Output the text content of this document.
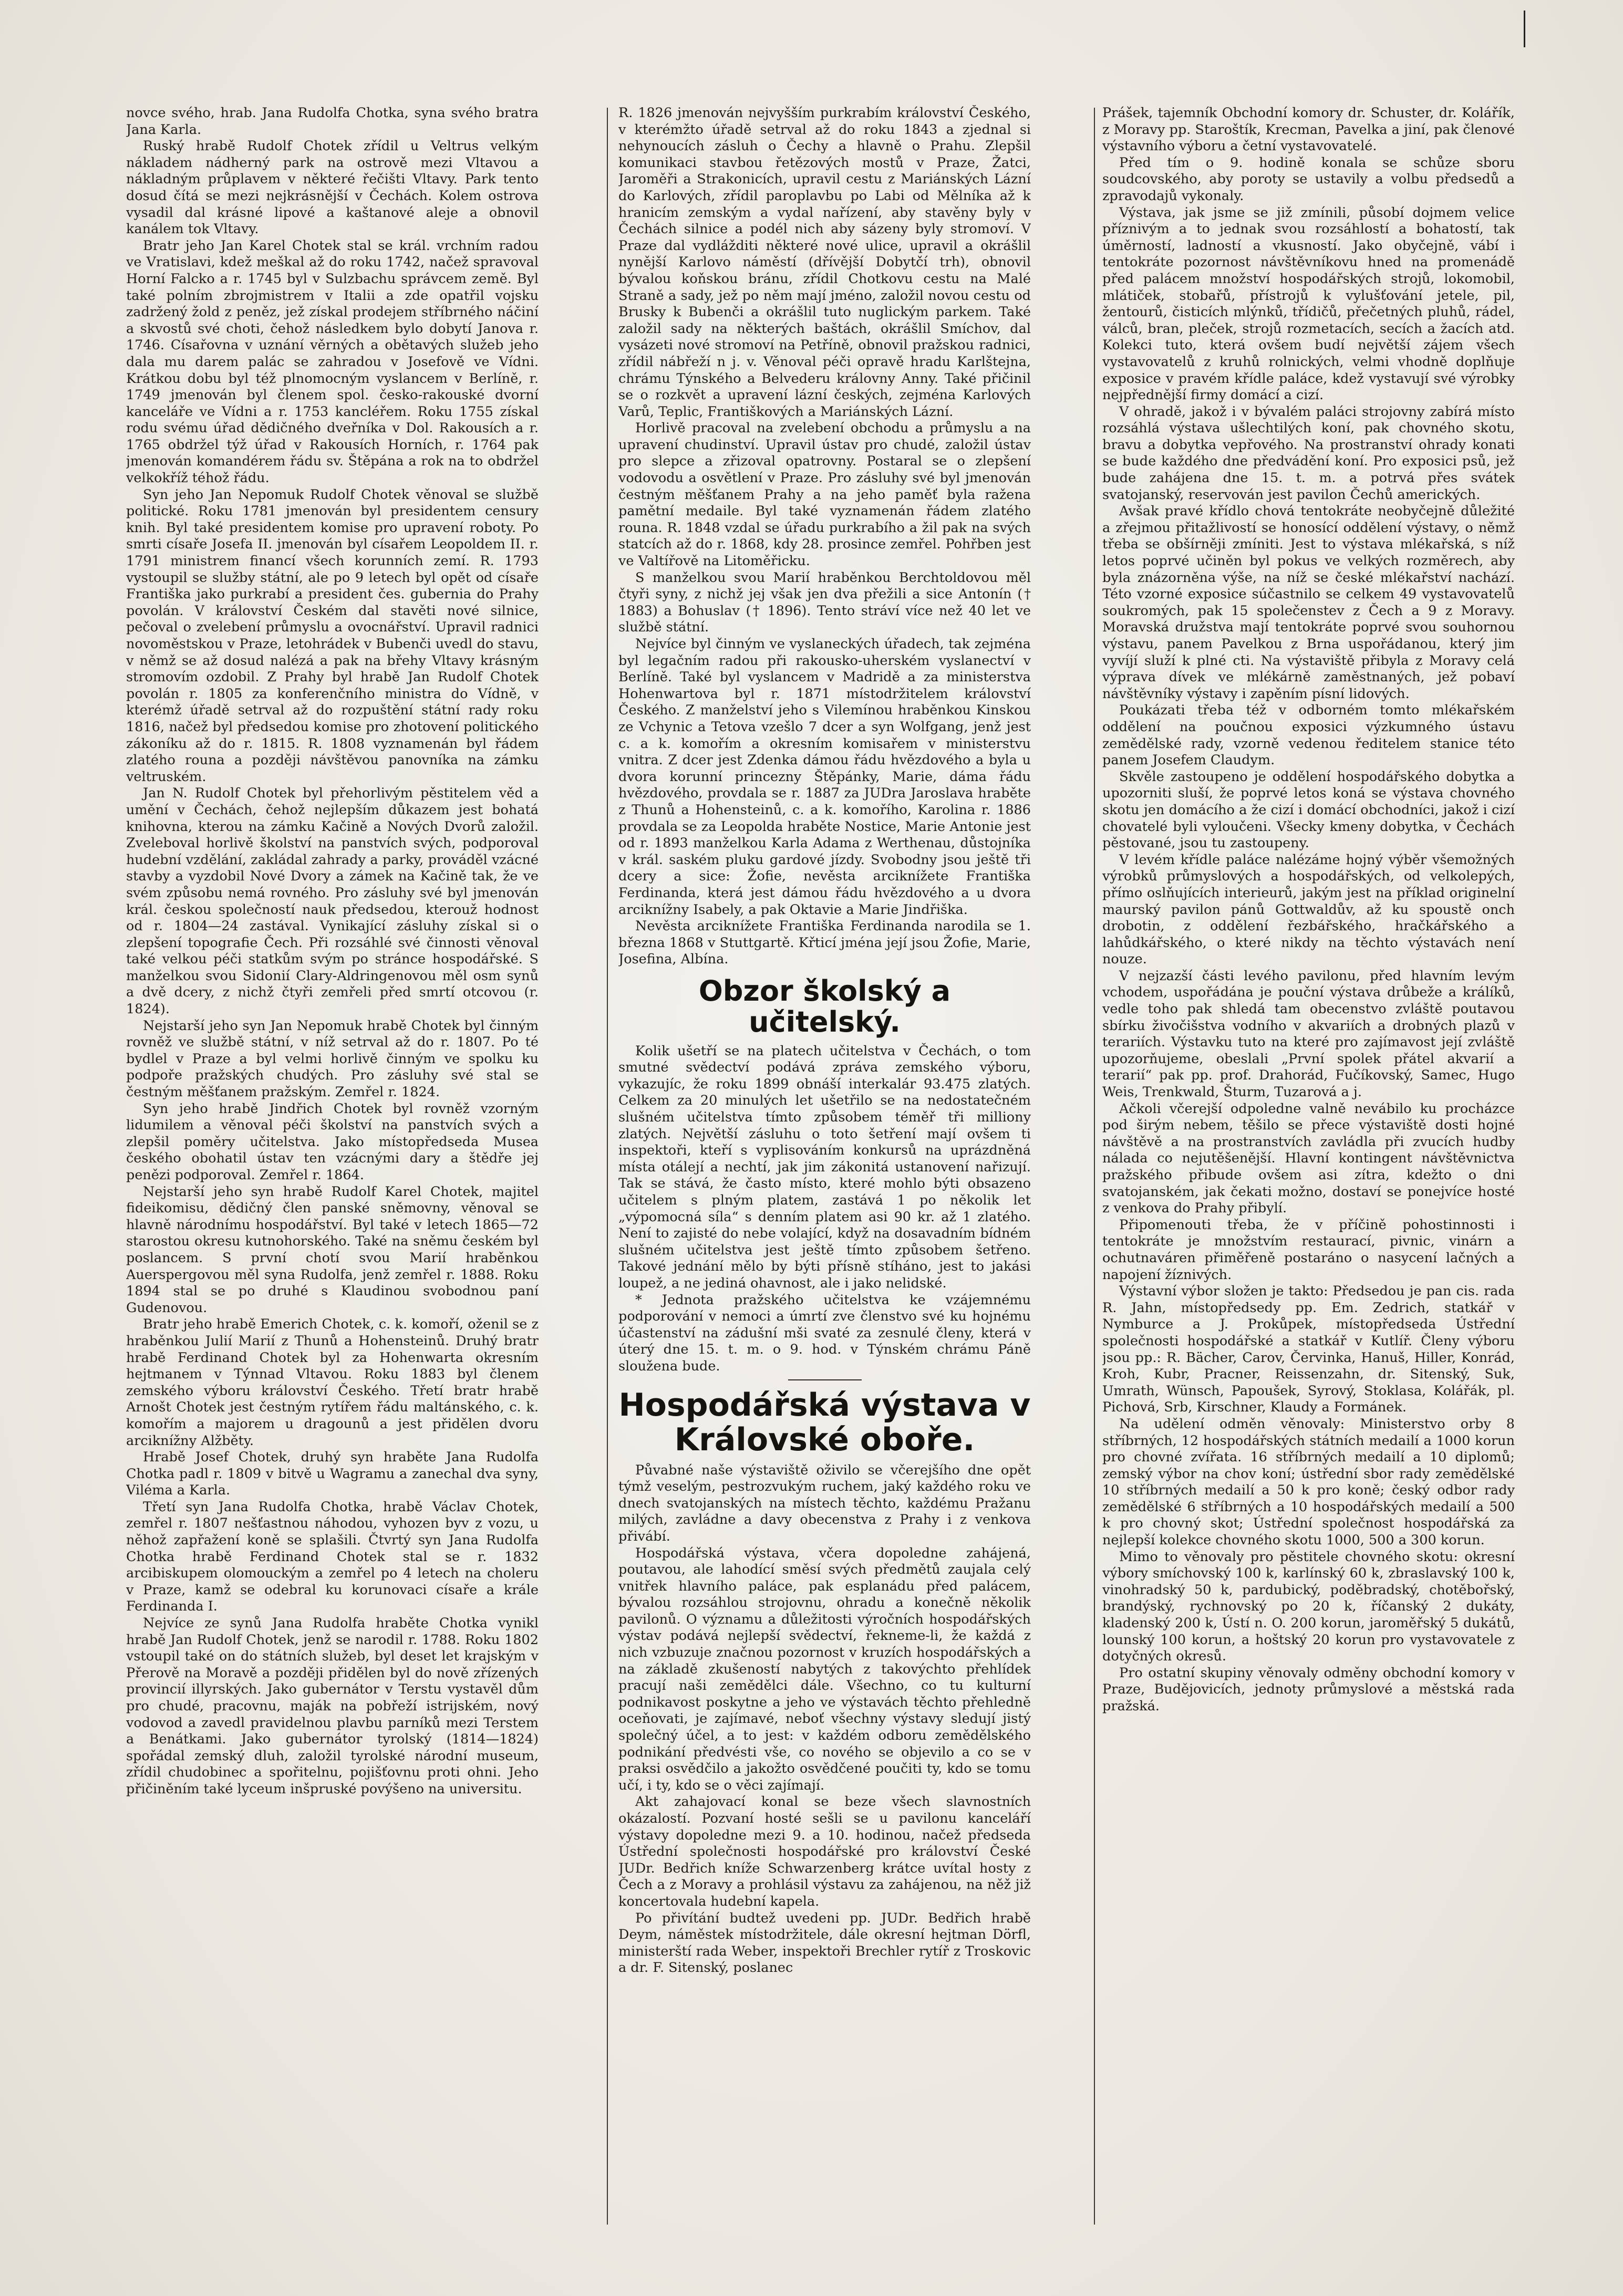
novce svého, hrab. Jana Rudolfa Chotka, syna svého bratra Jana Karla.

Ruský hrabě Rudolf Chotek zřídil u Veltrus velkým nákladem nádherný park na ostrově mezi Vltavou a nákladným průplavem v některé řečišti Vltavy. Park tento dosud čítá se mezi nejkrásnější v Čechách. Kolem ostrova vysadil dal krásné lipové a kaštanové aleje a obnovil kanálem tok Vltavy.

Bratr jeho Jan Karel Chotek stal se král. vrchním radou ve Vratislavi, kdež meškal až do roku 1742, načež spravoval Horní Falcko a r. 1745 byl v Sulzbachu správcem země. Byl také polním zbrojmistrem v Italii a zde opatřil vojsku zadržený žold z peněz, jež získal prodejem stříbrného náčiní a skvostů své choti, čehož následkem bylo dobytí Janova r. 1746. Císařovna v uznání věrných a obětavých služeb jeho dala mu darem palác se zahradou v Josefově ve Vídni. Krátkou dobu byl též plnomocným vyslancem v Berlíně, r. 1749 jmenován byl členem spol. česko-rakouské dvorní kanceláře ve Vídni a r. 1753 kancléřem. Roku 1755 získal rodu svému úřad dědičného dveřníka v Dol. Rakousích a r. 1765 obdržel týž úřad v Rakousích Horních, r. 1764 pak jmenován komandérem řádu sv. Štěpána a rok na to obdržel velkokříž téhož řádu.

Syn jeho Jan Nepomuk Rudolf Chotek věnoval se službě politické. Roku 1781 jmenován byl presidentem censury knih. Byl také presidentem komise pro upravení roboty. Po smrti císaře Josefa II. jmenován byl císařem Leopoldem II. r. 1791 ministrem financí všech korunních zemí. R. 1793 vystoupil se služby státní, ale po 9 letech byl opět od císaře Františka jako purkrabí a president čes. gubernia do Prahy povolán. V království Českém dal stavěti nové silnice, pečoval o zvelebení průmyslu a ovocnářství. Upravil radnici novoměstskou v Praze, letohrádek v Bubenči uvedl do stavu, v němž se až dosud nalézá a pak na břehy Vltavy krásným stromovím ozdobil. Z Prahy byl hrabě Jan Rudolf Chotek povolán r. 1805 za konferenčního ministra do Vídně, v kterémž úřadě setrval až do rozpuštění státní rady roku 1816, načež byl předsedou komise pro zhotovení politického zákoníku až do r. 1815. R. 1808 vyznamenán byl řádem zlatého rouna a později návštěvou panovníka na zámku veltruském.

Jan N. Rudolf Chotek byl přehorlivým pěstitelem věd a umění v Čechách, čehož nejlepším důkazem jest bohatá knihovna, kterou na zámku Kačině a Nových Dvorů založil. Zveleboval horlivě školství na panstvích svých, podporoval hudební vzdělání, zakládal zahrady a parky, prováděl vzácné stavby a vyzdobil Nové Dvory a zámek na Kačině tak, že ve svém způsobu nemá rovného. Pro zásluhy své byl jmenován král. českou společností nauk předsedou, kterouž hodnost od r. 1804—24 zastával. Vynikající zásluhy získal si o zlepšení topografie Čech. Při rozsáhlé své činnosti věnoval také velkou péči statkům svým po stránce hospodářské. S manželkou svou Sidonií Clary-Aldringenovou měl osm synů a dvě dcery, z nichž čtyři zemřeli před smrtí otcovou (r. 1824).

Nejstarší jeho syn Jan Nepomuk hrabě Chotek byl činným rovněž ve službě státní, v níž setrval až do r. 1807. Po té bydlel v Praze a byl velmi horlivě činným ve spolku ku podpoře pražských chudých. Pro zásluhy své stal se čestným měšťanem pražským. Zemřel r. 1824.

Syn jeho hrabě Jindřich Chotek byl rovněž vzorným lidumilem a věnoval péči školství na panstvích svých a zlepšil poměry učitelstva. Jako místopředseda Musea českého obohatil ústav ten vzácnými dary a štědře jej penězi podporoval. Zemřel r. 1864.

Nejstarší jeho syn hrabě Rudolf Karel Chotek, majitel fideikomisu, dědičný člen panské sněmovny, věnoval se hlavně národnímu hospodářství. Byl také v letech 1865—72 starostou okresu kutnohorského. Také na sněmu českém byl poslancem. S první chotí svou Marií hraběnkou Auerspergovou měl syna Rudolfa, jenž zemřel r. 1888. Roku 1894 stal se po druhé s Klaudinou svobodnou paní Gudenovou.

Bratr jeho hrabě Emerich Chotek, c. k. komoří, oženil se z hraběnkou Julií Marií z Thunů a Hohensteinů. Druhý bratr hrabě Ferdinand Chotek byl za Hohenwarta okresním hejtmanem v Týnnad Vltavou. Roku 1883 byl členem zemského výboru království Českého. Třetí bratr hrabě Arnošt Chotek jest čestným rytířem řádu maltánského, c. k. komořím a majorem u dragounů a jest přidělen dvoru arciknížny Alžběty.

Hrabě Josef Chotek, druhý syn hraběte Jana Rudolfa Chotka padl r. 1809 v bitvě u Wagramu a zanechal dva syny, Viléma a Karla.

Třetí syn Jana Rudolfa Chotka, hrabě Václav Chotek, zemřel r. 1807 nešťastnou náhodou, vyhozen byv z vozu, u něhož zapřažení koně se splašili. Čtvrtý syn Jana Rudolfa Chotka hrabě Ferdinand Chotek stal se r. 1832 arcibiskupem olomouckým a zemřel po 4 letech na choleru v Praze, kamž se odebral ku korunovaci císaře a krále Ferdinanda I.

Nejvíce ze synů Jana Rudolfa hraběte Chotka vynikl hrabě Jan Rudolf Chotek, jenž se narodil r. 1788. Roku 1802 vstoupil také on do státních služeb, byl deset let krajským v Přerově na Moravě a později přidělen byl do nově zřízených provincií illyrských. Jako gubernátor v Terstu vystavěl dům pro chudé, pracovnu, maják na pobřeží istrijském, nový vodovod a zavedl pravidelnou plavbu parníků mezi Terstem a Benátkami. Jako gubernátor tyrolský (1814—1824) spořádal zemský dluh, založil tyrolské národní museum, zřídil chudobinec a spořitelnu, pojišťovnu proti ohni. Jeho přičiněním také lyceum inšpruské povýšeno na universitu.

R. 1826 jmenován nejvyšším purkrabím království Českého, v kterémžto úřadě setrval až do roku 1843 a zjednal si nehynoucích zásluh o Čechy a hlavně o Prahu. Zlepšil komunikaci stavbou řetězových mostů v Praze, Žatci, Jaroměři a Strakonicích, upravil cestu z Mariánských Lázní do Karlových, zřídil paroplavbu po Labi od Mělníka až k hranicím zemským a vydal nařízení, aby stavěny byly v Čechách silnice a podél nich aby sázeny byly stromoví. V Praze dal vydlážditi některé nové ulice, upravil a okrášlil nynější Karlovo náměstí (dřívější Dobytčí trh), obnovil bývalou koňskou bránu, zřídil Chotkovu cestu na Malé Straně a sady, jež po něm mají jméno, založil novou cestu od Brusky k Bubenči a okrášlil tuto nuglickým parkem. Také založil sady na některých baštách, okrášlil Smíchov, dal vysázeti nové stromoví na Petříně, obnovil pražskou radnici, zřídil nábřeží n j. v. Věnoval péči opravě hradu Karlštejna, chrámu Týnského a Belvederu královny Anny. Také přičinil se o rozkvět a upravení lázní českých, zejména Karlových Varů, Teplic, Františkových a Mariánských Lázní.

Horlivě pracoval na zvelebení obchodu a průmyslu a na upravení chudinství. Upravil ústav pro chudé, založil ústav pro slepce a zřizoval opatrovny. Postaral se o zlepšení vodovodu a osvětlení v Praze. Pro zásluhy své byl jmenován čestným měšťanem Prahy a na jeho paměť byla ražena pamětní medaile. Byl také vyznamenán řádem zlatého rouna. R. 1848 vzdal se úřadu purkrabího a žil pak na svých statcích až do r. 1868, kdy 28. prosince zemřel. Pohřben jest ve Valtířově na Litoměřicku.

S manželkou svou Marií hraběnkou Berchtoldovou měl čtyři syny, z nichž jej však jen dva přežili a sice Antonín († 1883) a Bohuslav († 1896). Tento stráví více než 40 let ve službě státní.

Nejvíce byl činným ve vyslaneckých úřadech, tak zejména byl legačním radou při rakousko-uherském vyslanectví v Berlíně. Také byl vyslancem v Madridě a za ministerstva Hohenwartova byl r. 1871 místodržitelem království Českého. Z manželství jeho s Vilemínou hraběnkou Kinskou ze Vchynic a Tetova vzešlo 7 dcer a syn Wolfgang, jenž jest c. a k. komořím a okresním komisařem v ministerstvu vnitra. Z dcer jest Zdenka dámou řádu hvězdového a byla u dvora korunní princezny Štěpánky, Marie, dáma řádu hvězdového, provdala se r. 1887 za JUDra Jaroslava hraběte z Thunů a Hohensteinů, c. a k. komořího, Karolina r. 1886 provdala se za Leopolda hraběte Nostice, Marie Antonie jest od r. 1893 manželkou Karla Adama z Werthenau, důstojníka v král. saském pluku gardové jízdy. Svobodny jsou ještě tři dcery a sice: Žofie, nevěsta arciknížete Františka Ferdinanda, která jest dámou řádu hvězdového a u dvora arciknížny Isabely, a pak Oktavie a Marie Jindřiška.

Nevěsta arciknížete Františka Ferdinanda narodila se 1. března 1868 v Stuttgartě. Křticí jména její jsou Žofie, Marie, Josefina, Albína.

Obzor školský a učitelský.

Kolik ušetří se na platech učitelstva v Čechách, o tom smutné svědectví podává zpráva zemského výboru, vykazujíc, že roku 1899 obnáší interkalár 93.475 zlatých. Celkem za 20 minulých let ušetřilo se na nedostatečném slušném učitelstva tímto způsobem téměř tři milliony zlatých. Největší zásluhu o toto šetření mají ovšem ti inspektoři, kteří s vyplisováním konkursů na uprázdněná místa otálejí a nechtí, jak jim zákonitá ustanovení nařizují. Tak se stává, že často místo, které mohlo býti obsazeno učitelem s plným platem, zastává 1 po několik let „výpomocná síla“ s denním platem asi 90 kr. až 1 zlatého. Není to zajisté do nebe volající, když na dosavadním bídném slušném učitelstva jest ještě tímto způsobem šetřeno. Takové jednání mělo by býti přísně stíháno, jest to jakási loupež, a ne jediná ohavnost, ale i jako nelidské.

* Jednota pražského učitelstva ke vzájemnému podporování v nemoci a úmrtí zve členstvo své ku hojnému účastenství na zádušní mši svaté za zesnulé členy, která v úterý dne 15. t. m. o 9. hod. v Týnském chrámu Páně sloužena bude.

Hospodářská výstava v Královské oboře.

Půvabné naše výstaviště oživilo se včerejšího dne opět týmž veselým, pestrozvukým ruchem, jaký každého roku ve dnech svatojanských na místech těchto, každému Pražanu milých, zavládne a davy obecenstva z Prahy i z venkova přivábí.

Hospodářská výstava, včera dopoledne zahájená, poutavou, ale lahodící směsí svých předmětů zaujala celý vnitřek hlavního paláce, pak esplanádu před palácem, bývalou rozsáhlou strojovnu, ohradu a konečně několik pavilonů. O významu a důležitosti výročních hospodářských výstav podává nejlepší svědectví, řekneme-li, že každá z nich vzbuzuje značnou pozornost v kruzích hospodářských a na základě zkušeností nabytých z takovýchto přehlídek pracují naši zemědělci dále. Všechno, co tu kulturní podnikavost poskytne a jeho ve výstavách těchto přehledně oceňovati, je zajímavé, neboť všechny výstavy sledují jistý společný účel, a to jest: v každém odboru zemědělského podnikání předvésti vše, co nového se objevilo a co se v praksi osvědčilo a jakožto osvědčené poučiti ty, kdo se tomu učí, i ty, kdo se o věci zajímají.

Akt zahajovací konal se beze všech slavnostních okázalostí. Pozvaní hosté sešli se u pavilonu kanceláří výstavy dopoledne mezi 9. a 10. hodinou, načež předseda Ústřední společnosti hospodářské pro království České JUDr. Bedřich kníže Schwarzenberg krátce uvítal hosty z Čech a z Moravy a prohlásil výstavu za zahájenou, na něž již koncertovala hudební kapela.

Po přivítání budtež uvedeni pp. JUDr. Bedřich hrabě Deym, náměstek místodržitele, dále okresní hejtman Dörfl, ministerští rada Weber, inspektoři Brechler rytíř z Troskovic a dr. F. Sitenský, poslanec

Prášek, tajemník Obchodní komory dr. Schuster, dr. Kolářík, z Moravy pp. Staroštík, Krecman, Pavelka a jiní, pak členové výstavního výboru a četní vystavovatelé.

Před tím o 9. hodině konala se schůze sboru soudcovského, aby poroty se ustavily a volbu předsedů a zpravodajů vykonaly.

Výstava, jak jsme se již zmínili, působí dojmem velice příznivým a to jednak svou rozsáhlostí a bohatostí, tak úměrností, ladností a vkusností. Jako obyčejně, vábí i tentokráte pozornost návštěvníkovu hned na promenádě před palácem množství hospodářských strojů, lokomobil, mlátiček, stobařů, přístrojů k vylušťování jetele, pil, žentourů, čisticích mlýnků, třídičů, přečetných pluhů, rádel, válců, bran, pleček, strojů rozmetacích, secích a žacích atd. Kolekci tuto, která ovšem budí největší zájem všech vystavovatelů z kruhů rolnických, velmi vhodně doplňuje exposice v pravém křídle paláce, kdež vystavují své výrobky nejpřednější firmy domácí a cizí.

V ohradě, jakož i v bývalém paláci strojovny zabírá místo rozsáhlá výstava ušlechtilých koní, pak chovného skotu, bravu a dobytka vepřového. Na prostranství ohrady konati se bude každého dne předvádění koní. Pro exposici psů, jež bude zahájena dne 15. t. m. a potrvá přes svátek svatojanský, reservován jest pavilon Čechů amerických.

Avšak pravé křídlo chová tentokráte neobyčejně důležité a zřejmou přitažlivostí se honosící oddělení výstavy, o němž třeba se obšírněji zmíniti. Jest to výstava mlékařská, s níž letos poprvé učiněn byl pokus ve velkých rozměrech, aby byla znázorněna výše, na níž se české mlékařství nachází. Této vzorné exposice súčastnilo se celkem 49 vystavovatelů soukromých, pak 15 společenstev z Čech a 9 z Moravy. Moravská družstva mají tentokráte poprvé svou souhornou výstavu, panem Pavelkou z Brna uspořádanou, který jim vyvíjí služí k plné cti. Na výstaviště přibyla z Moravy celá výprava dívek ve mlékárně zaměstnaných, jež pobaví návštěvníky výstavy i zapěním písní lidových.

Poukázati třeba též v odborném tomto mlékařském oddělení na poučnou exposici výzkumného ústavu zemědělské rady, vzorně vedenou ředitelem stanice této panem Josefem Claudym.

Skvěle zastoupeno je oddělení hospodářského dobytka a upozorniti sluší, že poprvé letos koná se výstava chovného skotu jen domácího a že cizí i domácí obchodníci, jakož i cizí chovatelé byli vyloučeni. Všecky kmeny dobytka, v Čechách pěstované, jsou tu zastoupeny.

V levém křídle paláce nalézáme hojný výběr všemožných výrobků průmyslových a hospodářských, od velkolepých, přímo oslňujících interieurů, jakým jest na příklad originelní maurský pavilon pánů Gottwaldův, až ku spoustě onch drobotin, z oddělení řezbářského, hračkářského a lahůdkářského, o které nikdy na těchto výstavách není nouze.

V nejzazší části levého pavilonu, před hlavním levým vchodem, uspořádána je pouční výstava drůbeže a králíků, vedle toho pak shledá tam obecenstvo zvláště poutavou sbírku živočišstva vodního v akvariích a drobných plazů v terariích. Výstavku tuto na které pro zajímavost její zvláště upozorňujeme, obeslali „První spolek přátel akvarií a terarií“ pak pp. prof. Drahorád, Fučíkovský, Samec, Hugo Weis, Trenkwald, Šturm, Tuzarová a j.

Ačkoli včerejší odpoledne valně nevábilo ku procházce pod širým nebem, těšilo se přece výstaviště dosti hojné návštěvě a na prostranstvích zavládla při zvucích hudby nálada co nejutěšenější. Hlavní kontingent návštěvnictva pražského přibude ovšem asi zítra, kdežto o dni svatojanském, jak čekati možno, dostaví se ponejvíce hosté z venkova do Prahy přibylí.

Připomenouti třeba, že v příčině pohostinnosti i tentokráte je množstvím restaurací, pivnic, vinárn a ochutnaváren přiměřeně postaráno o nasycení lačných a napojení žíznivých.

Výstavní výbor složen je takto: Předsedou je pan cis. rada R. Jahn, místopředsedy pp. Em. Zedrich, statkář v Nymburce a J. Prokůpek, místopředseda Ústřední společnosti hospodářské a statkář v Kutlíř. Členy výboru jsou pp.: R. Bächer, Carov, Červinka, Hanuš, Hiller, Konrád, Kroh, Kubr, Pracner, Reissenzahn, dr. Sitenský, Suk, Umrath, Wünsch, Papoušek, Syrový, Stoklasa, Kolářák, pl. Pichová, Srb, Kirschner, Klaudy a Formánek.

Na udělení odměn věnovaly: Ministerstvo orby 8 stříbrných, 12 hospodářských státních medailí a 1000 korun pro chovné zvířata. 16 stříbrných medailí a 10 diplomů; zemský výbor na chov koní; ústřední sbor rady zemědělské 10 stříbrných medailí a 50 k pro koně; český odbor rady zemědělské 6 stříbrných a 10 hospodářských medailí a 500 k pro chovný skot; Ústřední společnost hospodářská za nejlepší kolekce chovného skotu 1000, 500 a 300 korun.

Mimo to věnovaly pro pěstitele chovného skotu: okresní výbory smíchovský 100 k, karlínský 60 k, zbraslavský 100 k, vinohradský 50 k, pardubický, poděbradský, chotěbořský, brandýský, rychnovský po 20 k, říčanský 2 dukáty, kladenský 200 k, Ústí n. O. 200 korun, jaroměřský 5 dukátů, lounský 100 korun, a hoštský 20 korun pro vystavovatele z dotyčných okresů.

Pro ostatní skupiny věnovaly odměny obchodní komory v Praze, Budějovicích, jednoty průmyslové a městská rada pražská.
